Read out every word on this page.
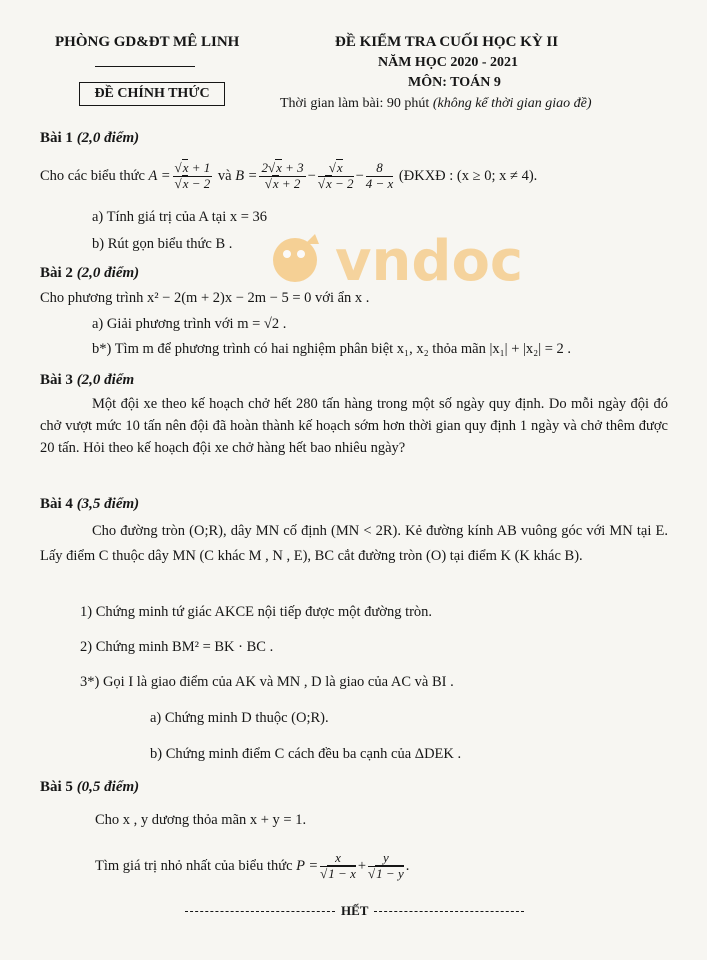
PHÒNG GD&ĐT MÊ LINH
ĐỀ CHÍNH THỨC
ĐỀ KIỂM TRA CUỐI HỌC KỲ II
NĂM HỌC 2020 - 2021
MÔN: TOÁN 9
Thời gian làm bài: 90 phút (không kể thời gian giao đề)
vndoc
Bài 1 (2,0 điểm)
Cho các biểu thức
$A = \frac{√x + 1}{√x - 2}$
và
$B = \frac{2√x + 3}{√x + 2} - \frac{√x}{√x - 2} - \frac{8}{4 - x}$
(ĐKXĐ : (x ≥ 0; x ≠ 4).
a) Tính giá trị của A tại x = 36
b) Rút gọn biểu thức B .
Bài 2 (2,0 điểm)
Cho phương trình x² − 2(m + 2)x − 2m − 5 = 0 với ẩn x .
a) Giải phương trình với m = √2 .
b*) Tìm m để phương trình có hai nghiệm phân biệt x₁, x₂ thỏa mãn |x₁| + |x₂| = 2 .
Bài 3 (2,0 điểm
Một đội xe theo kế hoạch chở hết 280 tấn hàng trong một số ngày quy định. Do mỗi ngày đội đó chở vượt mức 10 tấn nên đội đã hoàn thành kế hoạch sớm hơn thời gian quy định 1 ngày và chở thêm được 20 tấn. Hỏi theo kế hoạch đội xe chở hàng hết bao nhiêu ngày?
Bài 4 (3,5 điểm)
Cho đường tròn (O;R), dây MN cố định (MN < 2R). Kẻ đường kính AB vuông góc với MN tại E. Lấy điểm C thuộc dây MN (C khác M , N , E), BC cắt đường tròn (O) tại điểm K (K khác B).
1) Chứng minh tứ giác AKCE nội tiếp được một đường tròn.
2) Chứng minh BM² = BK · BC .
3*) Gọi I là giao điểm của AK và MN , D là giao của AC và BI .
a) Chứng minh D thuộc (O;R).
b) Chứng minh điểm C cách đều ba cạnh của ΔDEK .
Bài 5 (0,5 điểm)
Cho x , y dương thỏa mãn x + y = 1.
Tìm giá trị nhỏ nhất của biểu thức
$P = \frac{x}{√1 - x} + \frac{y}{√1 - y}$ .
HẾT
